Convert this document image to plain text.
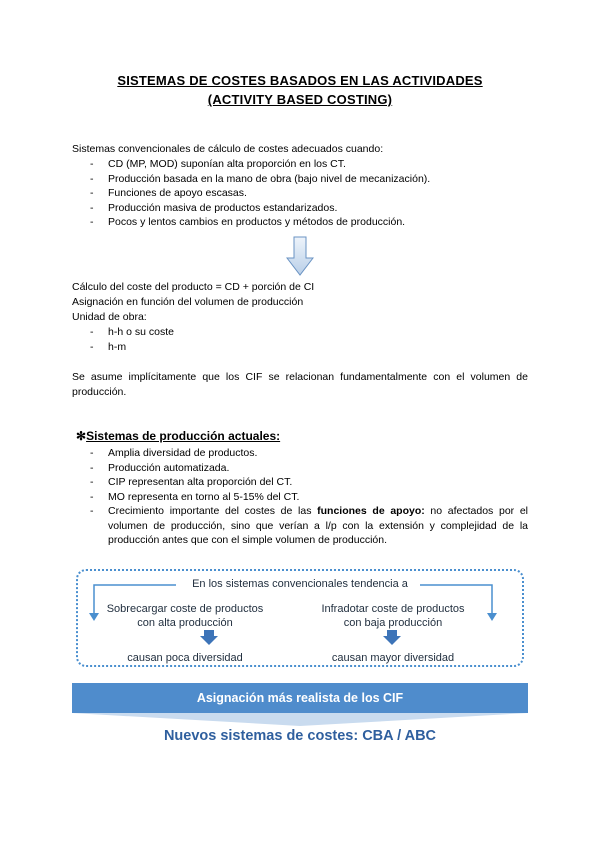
SISTEMAS DE COSTES BASADOS EN LAS ACTIVIDADES
(ACTIVITY BASED COSTING)
Sistemas convencionales de cálculo de costes adecuados cuando:
- CD (MP, MOD) suponían alta proporción en los CT.
- Producción basada en la mano de obra (bajo nivel de mecanización).
- Funciones de apoyo escasas.
- Producción masiva de productos estandarizados.
- Pocos y lentos cambios en productos y métodos de producción.
Cálculo del coste del producto = CD + porción de CI
Asignación en función del volumen de producción
Unidad de obra:
- h-h o su coste
- h-m
Se asume implícitamente que los CIF se relacionan fundamentalmente con el volumen de producción.
✻Sistemas de producción actuales:
- Amplia diversidad de productos.
- Producción automatizada.
- CIP representan alta proporción del CT.
- MO representa en torno al 5-15% del CT.
- Crecimiento importante del costes de las funciones de apoyo: no afectados por el volumen de producción, sino que verían a l/p con la extensión y complejidad de la producción antes que con el simple volumen de producción.
En los sistemas convencionales tendencia a
Sobrecargar coste de productos
con alta producción
causan poca diversidad
Infradotar coste de productos
con baja producción
causan mayor diversidad
Asignación más realista de los CIF
Nuevos sistemas de costes: CBA / ABC
